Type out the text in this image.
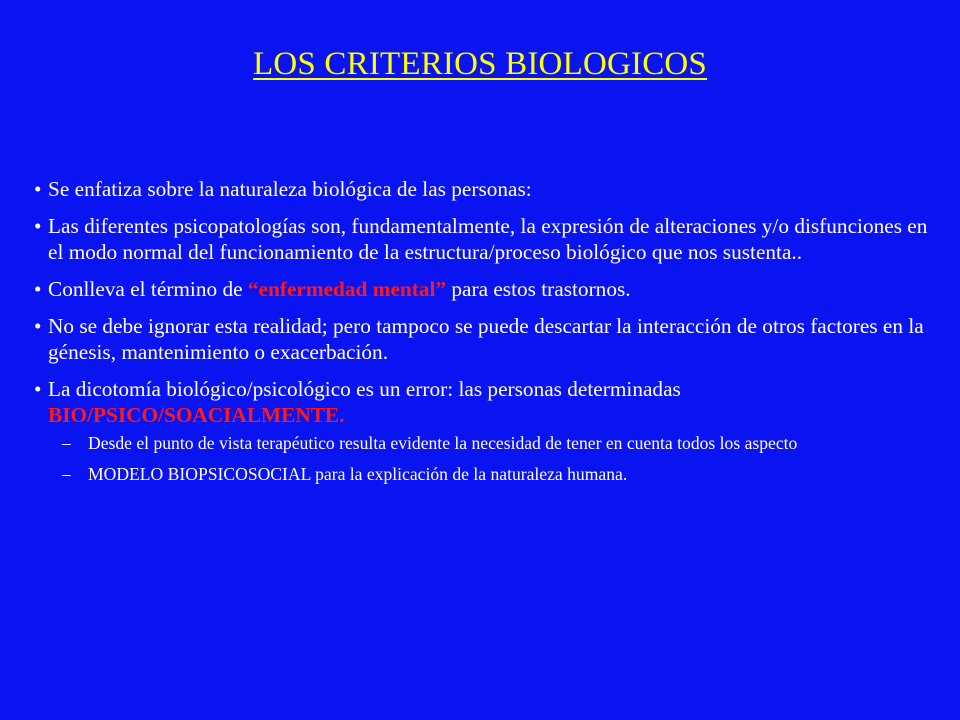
LOS CRITERIOS BIOLOGICOS
• Se enfatiza sobre la naturaleza biológica de las personas:
• Las diferentes psicopatologías son, fundamentalmente, la expresión de alteraciones y/o disfunciones en el modo normal del funcionamiento de la estructura/proceso biológico que nos sustenta..
• Conlleva el término de “enfermedad mental” para estos trastornos.
• No se debe ignorar esta realidad; pero tampoco se puede descartar la interacción de otros factores en la génesis, mantenimiento o exacerbación.
• La dicotomía biológico/psicológico es un error: las personas determinadas BIO/PSICO/SOACIALMENTE.
– Desde el punto de vista terapéutico resulta evidente la necesidad de tener en cuenta todos los aspecto
– MODELO BIOPSICOSOCIAL para la explicación de la naturaleza humana.
